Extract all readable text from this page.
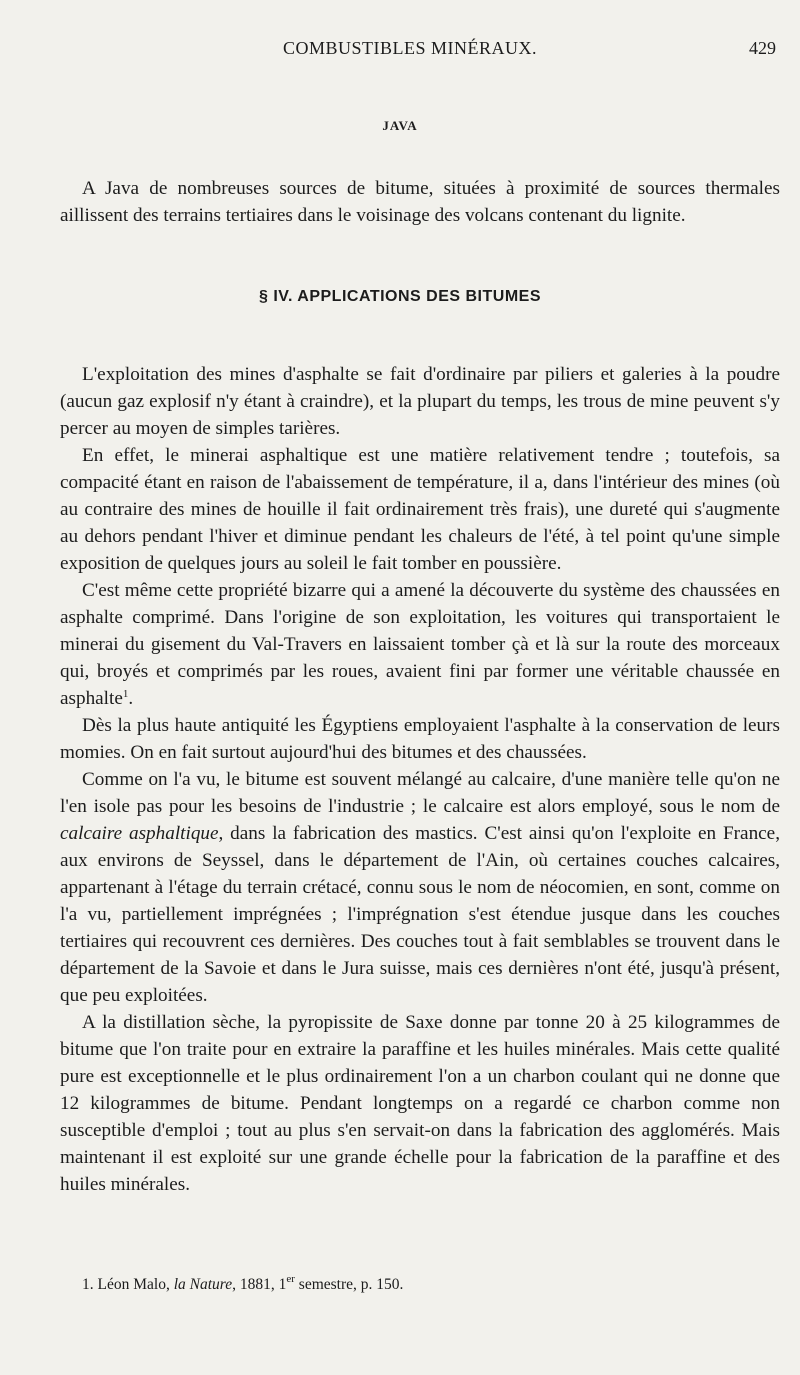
COMBUSTIBLES MINÉRAUX.	429
JAVA

A Java de nombreuses sources de bitume, situées à proximité de sources thermales aillissent des terrains tertiaires dans le voisinage des volcans contenant du lignite.

§ IV. APPLICATIONS DES BITUMES

L'exploitation des mines d'asphalte se fait d'ordinaire par piliers et galeries à la poudre (aucun gaz explosif n'y étant à craindre), et la plupart du temps, les trous de mine peuvent s'y percer au moyen de simples tarières.

En effet, le minerai asphaltique est une matière relativement tendre ; toutefois, sa compacité étant en raison de l'abaissement de température, il a, dans l'intérieur des mines (où au contraire des mines de houille il fait ordinairement très frais), une dureté qui s'augmente au dehors pendant l'hiver et diminue pendant les chaleurs de l'été, à tel point qu'une simple exposition de quelques jours au soleil le fait tomber en poussière.

C'est même cette propriété bizarre qui a amené la découverte du système des chaussées en asphalte comprimé. Dans l'origine de son exploitation, les voitures qui transportaient le minerai du gisement du Val-Travers en laissaient tomber çà et là sur la route des morceaux qui, broyés et comprimés par les roues, avaient fini par former une véritable chaussée en asphalte$^1$.

Dès la plus haute antiquité les Égyptiens employaient l'asphalte à la conservation de leurs momies. On en fait surtout aujourd'hui des bitumes et des chaussées.

Comme on l'a vu, le bitume est souvent mélangé au calcaire, d'une manière telle qu'on ne l'en isole pas pour les besoins de l'industrie ; le calcaire est alors employé, sous le nom de calcaire asphaltique, dans la fabrication des mastics. C'est ainsi qu'on l'exploite en France, aux environs de Seyssel, dans le département de l'Ain, où certaines couches calcaires, appartenant à l'étage du terrain crétacé, connu sous le nom de néocomien, en sont, comme on l'a vu, partiellement imprégnées ; l'imprégnation s'est étendue jusque dans les couches tertiaires qui recouvrent ces dernières. Des couches tout à fait semblables se trouvent dans le département de la Savoie et dans le Jura suisse, mais ces dernières n'ont été, jusqu'à présent, que peu exploitées.

A la distillation sèche, la pyropissite de Saxe donne par tonne 20 à 25 kilogrammes de bitume que l'on traite pour en extraire la paraffine et les huiles minérales. Mais cette qualité pure est exceptionnelle et le plus ordinairement l'on a un charbon coulant qui ne donne que 12 kilogrammes de bitume. Pendant longtemps on a regardé ce charbon comme non susceptible d'emploi ; tout au plus s'en servait-on dans la fabrication des agglomérés. Mais maintenant il est exploité sur une grande échelle pour la fabrication de la paraffine et des huiles minérales.

1. Léon Malo, la Nature, 1881, 1er semestre, p. 150.
